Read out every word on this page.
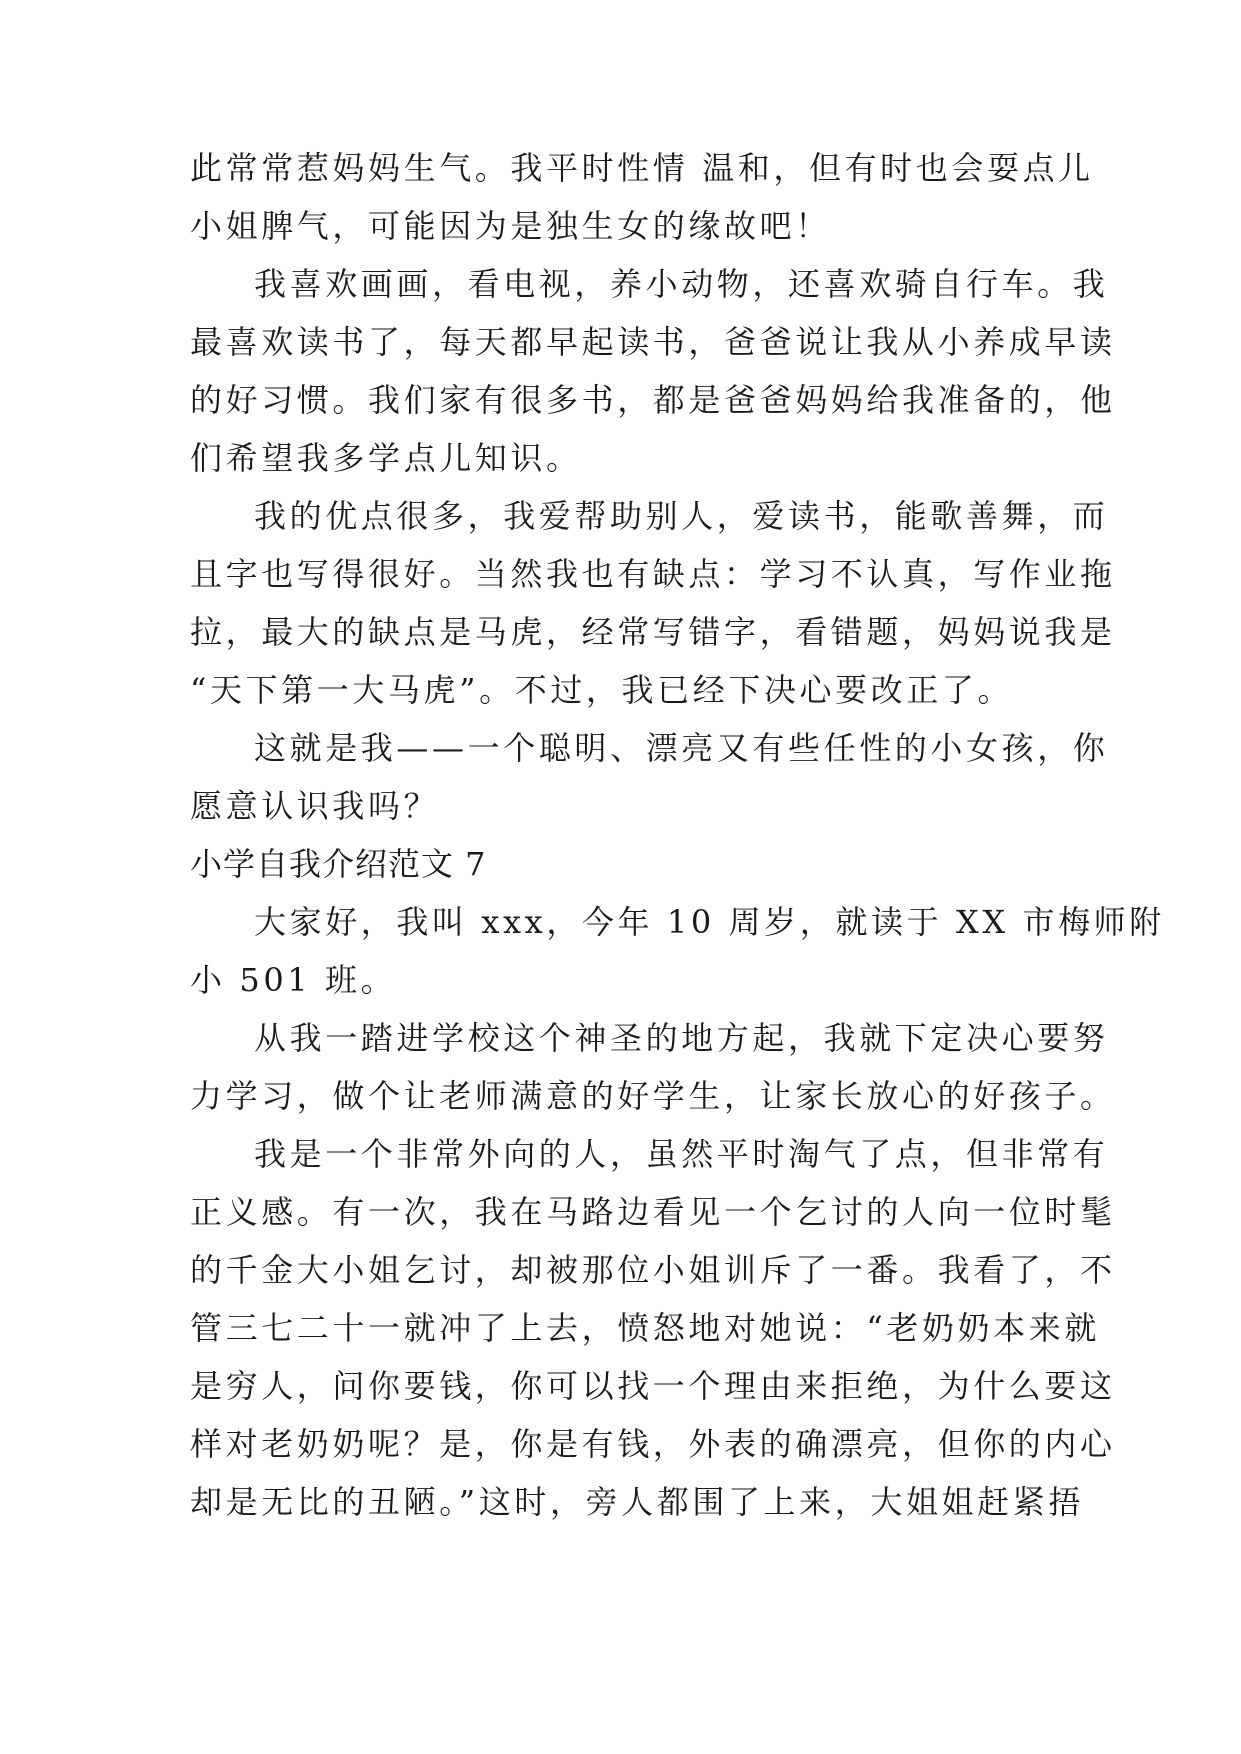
此常常惹妈妈生气。我平时性情 温和，但有时也会耍点儿
小姐脾气，可能因为是独生女的缘故吧！
我喜欢画画，看电视，养小动物，还喜欢骑自行车。我
最喜欢读书了，每天都早起读书，爸爸说让我从小养成早读
的好习惯。我们家有很多书，都是爸爸妈妈给我准备的，他
们希望我多学点儿知识。
我的优点很多，我爱帮助别人，爱读书，能歌善舞，而
且字也写得很好。当然我也有缺点：学习不认真，写作业拖
拉，最大的缺点是马虎，经常写错字，看错题，妈妈说我是
“天下第一大马虎”。不过，我已经下决心要改正了。
这就是我——一个聪明、漂亮又有些任性的小女孩，你
愿意认识我吗？
小学自我介绍范文 7
大家好，我叫 xxx，今年 10 周岁，就读于 XX 市梅师附
小 501 班。
从我一踏进学校这个神圣的地方起，我就下定决心要努
力学习，做个让老师满意的好学生，让家长放心的好孩子。
我是一个非常外向的人，虽然平时淘气了点，但非常有
正义感。有一次，我在马路边看见一个乞讨的人向一位时髦
的千金大小姐乞讨，却被那位小姐训斥了一番。我看了，不
管三七二十一就冲了上去，愤怒地对她说：“老奶奶本来就
是穷人，问你要钱，你可以找一个理由来拒绝，为什么要这
样对老奶奶呢？是，你是有钱，外表的确漂亮，但你的内心
却是无比的丑陋。”这时，旁人都围了上来，大姐姐赶紧捂
